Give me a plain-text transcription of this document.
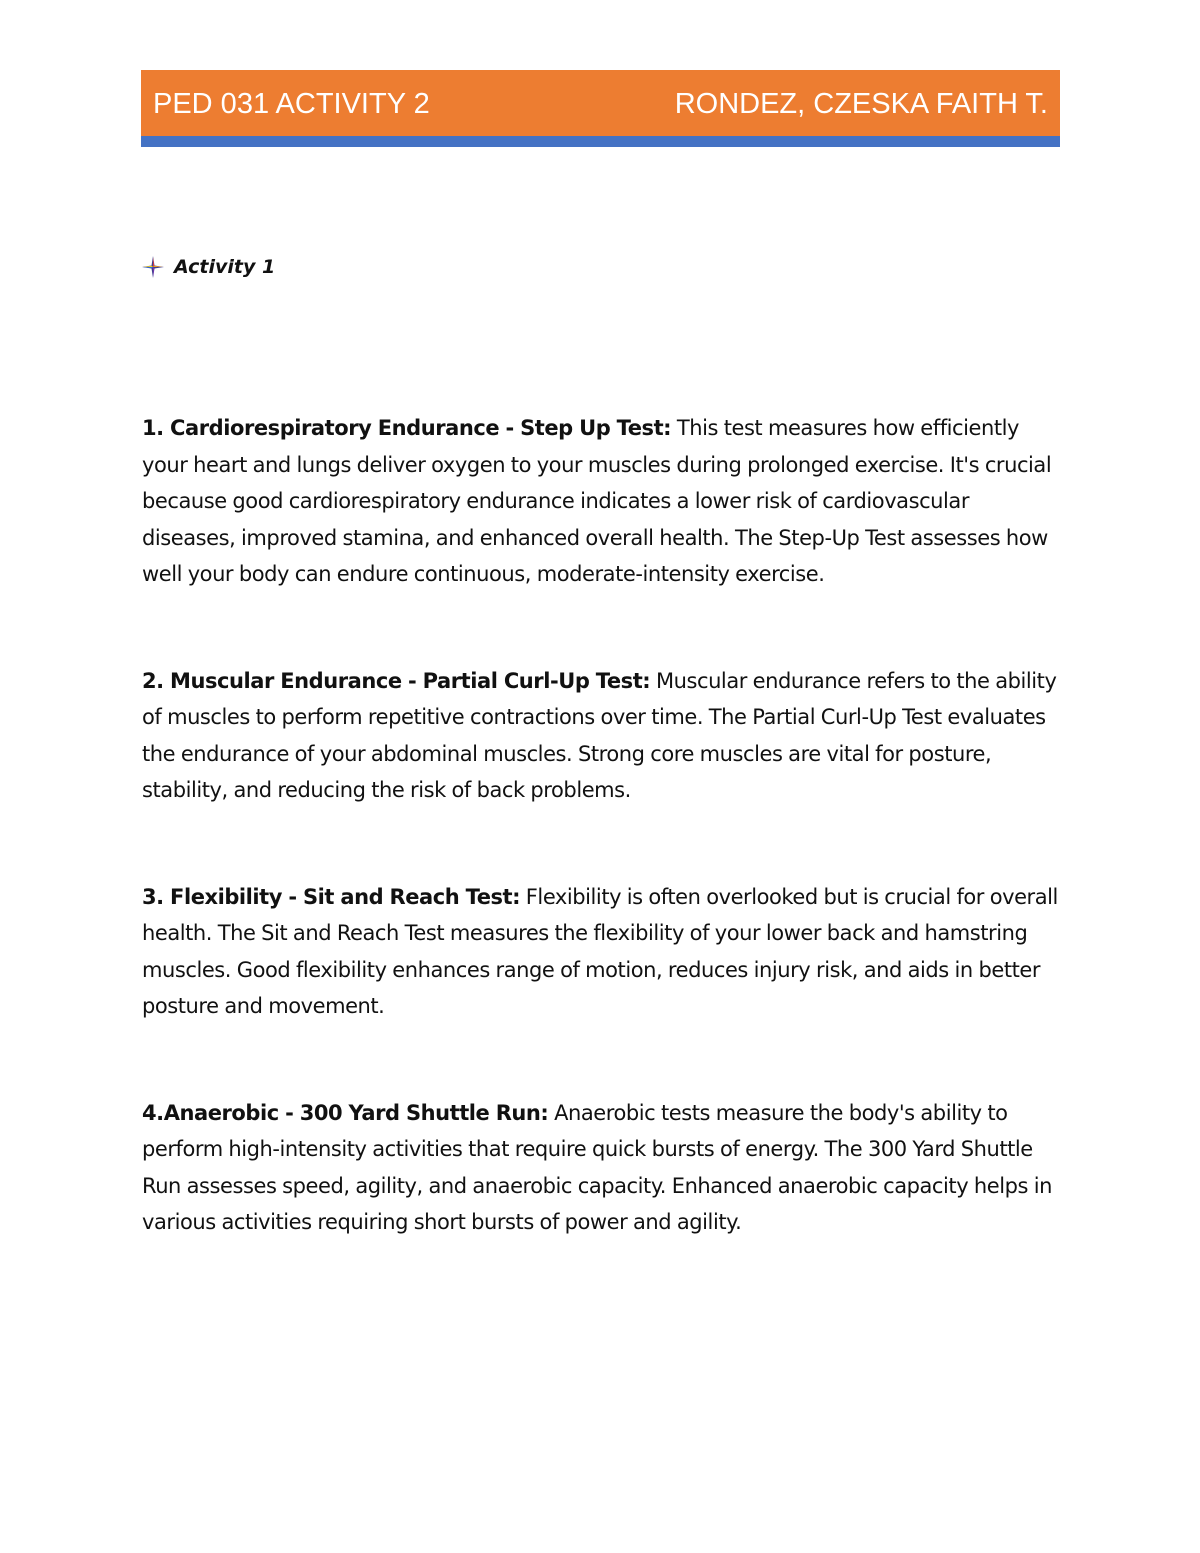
PED 031 ACTIVITY 2	RONDEZ, CZESKA FAITH T.
Activity 1

1. Cardiorespiratory Endurance - Step Up Test: This test measures how efficiently your heart and lungs deliver oxygen to your muscles during prolonged exercise. It's crucial because good cardiorespiratory endurance indicates a lower risk of cardiovascular diseases, improved stamina, and enhanced overall health. The Step-Up Test assesses how well your body can endure continuous, moderate-intensity exercise.

2. Muscular Endurance - Partial Curl-Up Test: Muscular endurance refers to the ability of muscles to perform repetitive contractions over time. The Partial Curl-Up Test evaluates the endurance of your abdominal muscles. Strong core muscles are vital for posture, stability, and reducing the risk of back problems.

3. Flexibility - Sit and Reach Test: Flexibility is often overlooked but is crucial for overall health. The Sit and Reach Test measures the flexibility of your lower back and hamstring muscles. Good flexibility enhances range of motion, reduces injury risk, and aids in better posture and movement.

4.Anaerobic - 300 Yard Shuttle Run: Anaerobic tests measure the body's ability to perform high-intensity activities that require quick bursts of energy. The 300 Yard Shuttle Run assesses speed, agility, and anaerobic capacity. Enhanced anaerobic capacity helps in various activities requiring short bursts of power and agility.
